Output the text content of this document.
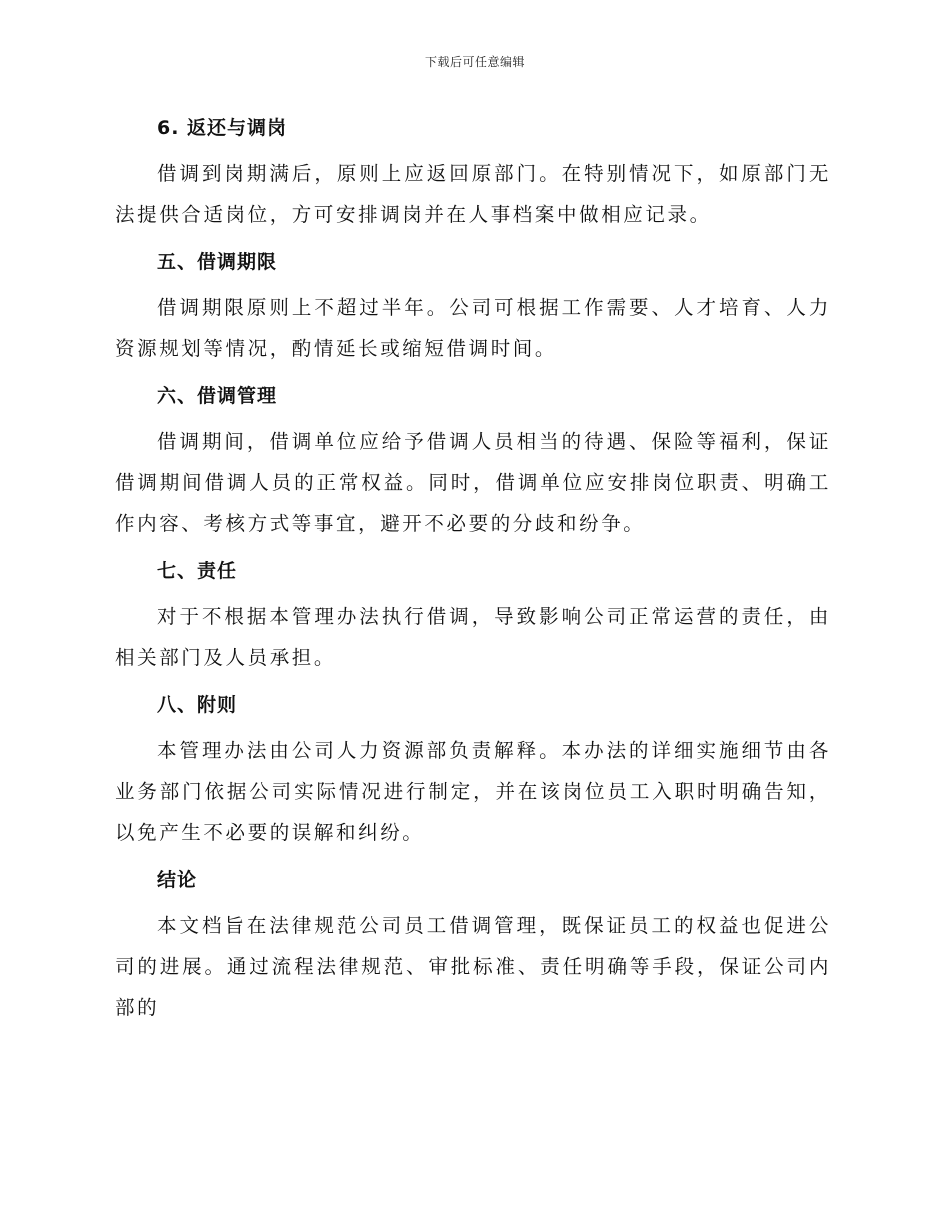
下载后可任意编辑
6. 返还与调岗
借调到岗期满后，原则上应返回原部门。在特别情况下，如原部门无法提供合适岗位，方可安排调岗并在人事档案中做相应记录。
五、借调期限
借调期限原则上不超过半年。公司可根据工作需要、人才培育、人力资源规划等情况，酌情延长或缩短借调时间。
六、借调管理
借调期间，借调单位应给予借调人员相当的待遇、保险等福利，保证借调期间借调人员的正常权益。同时，借调单位应安排岗位职责、明确工作内容、考核方式等事宜，避开不必要的分歧和纷争。
七、责任
对于不根据本管理办法执行借调，导致影响公司正常运营的责任，由相关部门及人员承担。
八、附则
本管理办法由公司人力资源部负责解释。本办法的详细实施细节由各业务部门依据公司实际情况进行制定，并在该岗位员工入职时明确告知，以免产生不必要的误解和纠纷。
结论
本文档旨在法律规范公司员工借调管理，既保证员工的权益也促进公司的进展。通过流程法律规范、审批标准、责任明确等手段，保证公司内部的
